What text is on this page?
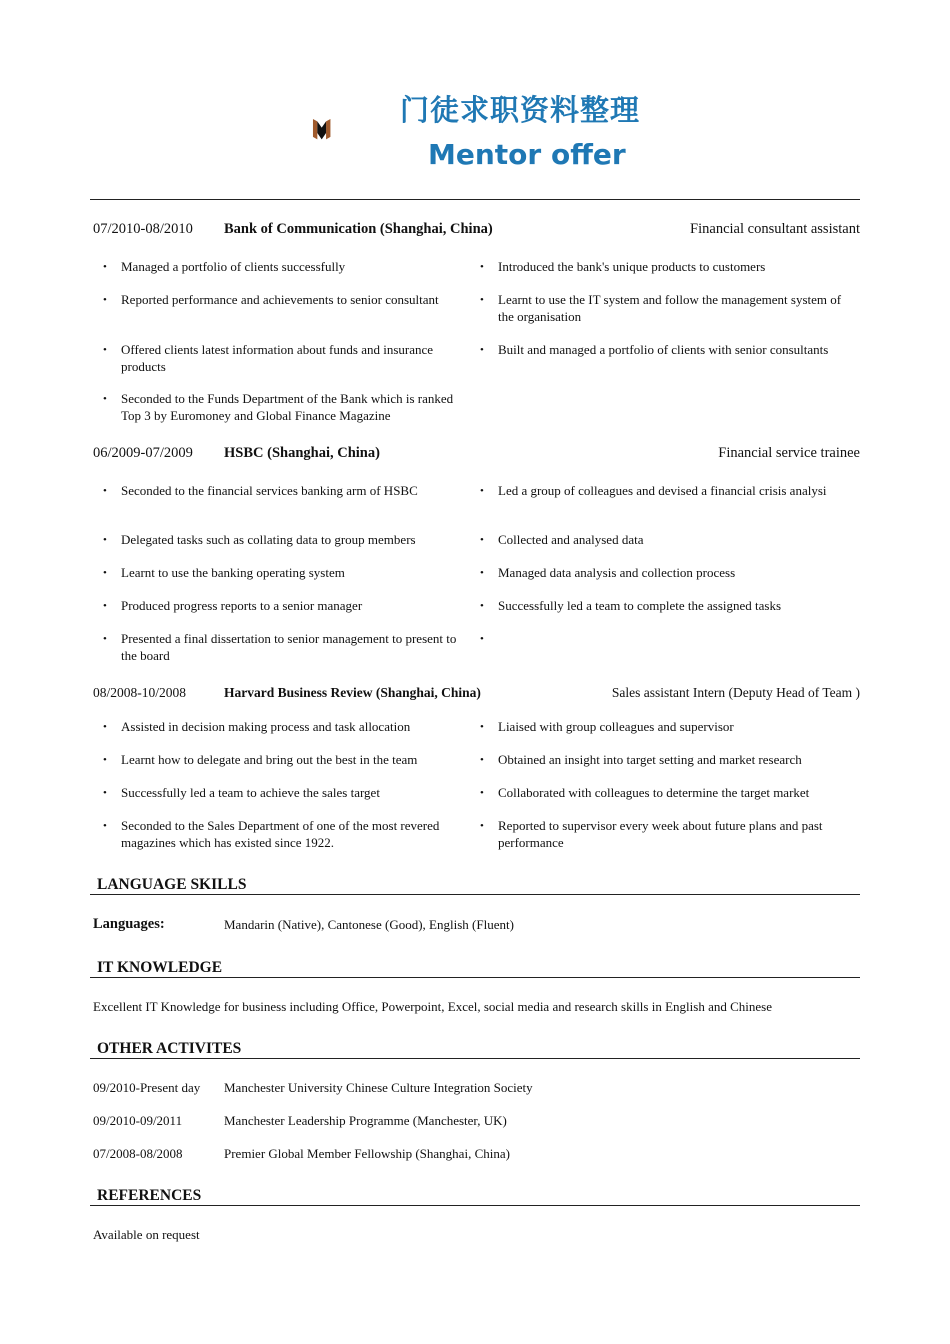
门徒求职资料整理
Mentor offer
07/2010-08/2010 Bank of Communication (Shanghai, China)	Financial consultant assistant
• Managed a portfolio of clients successfully
• Reported performance and achievements to senior consultant
• Offered clients latest information about funds and insurance products
• Seconded to the Funds Department of the Bank which is ranked Top 3 by Euromoney and Global Finance Magazine
• Introduced the bank's unique products to customers
• Learnt to use the IT system and follow the management system of the organisation
• Built and managed a portfolio of clients with senior consultants
06/2009-07/2009 HSBC (Shanghai, China)	Financial service trainee
• Seconded to the financial services banking arm of HSBC
• Delegated tasks such as collating data to group members
• Learnt to use the banking operating system
• Produced progress reports to a senior manager
• Presented a final dissertation to senior management to present to the board
• Led a group of colleagues and devised a financial crisis analysi
• Collected and analysed data
• Managed data analysis and collection process
• Successfully led a team to complete the assigned tasks
08/2008-10/2008	Harvard Business Review (Shanghai, China)	Sales assistant Intern (Deputy Head of Team )
• Assisted in decision making process and task allocation
• Learnt how to delegate and bring out the best in the team
• Successfully led a team to achieve the sales target
• Seconded to the Sales Department of one of the most revered magazines which has existed since 1922.
• Liaised with group colleagues and supervisor
• Obtained an insight into target setting and market research
• Collaborated with colleagues to determine the target market
• Reported to supervisor every week about future plans and past performance
LANGUAGE SKILLS
Languages:	Mandarin (Native), Cantonese (Good), English (Fluent)
IT KNOWLEDGE
Excellent IT Knowledge for business including Office, Powerpoint, Excel, social media and research skills in English and Chinese
OTHER ACTIVITES
09/2010-Present day Manchester University Chinese Culture Integration Society
09/2010-09/2011	Manchester Leadership Programme (Manchester, UK)
07/2008-08/2008	Premier Global Member Fellowship (Shanghai, China)
REFERENCES
Available on request
